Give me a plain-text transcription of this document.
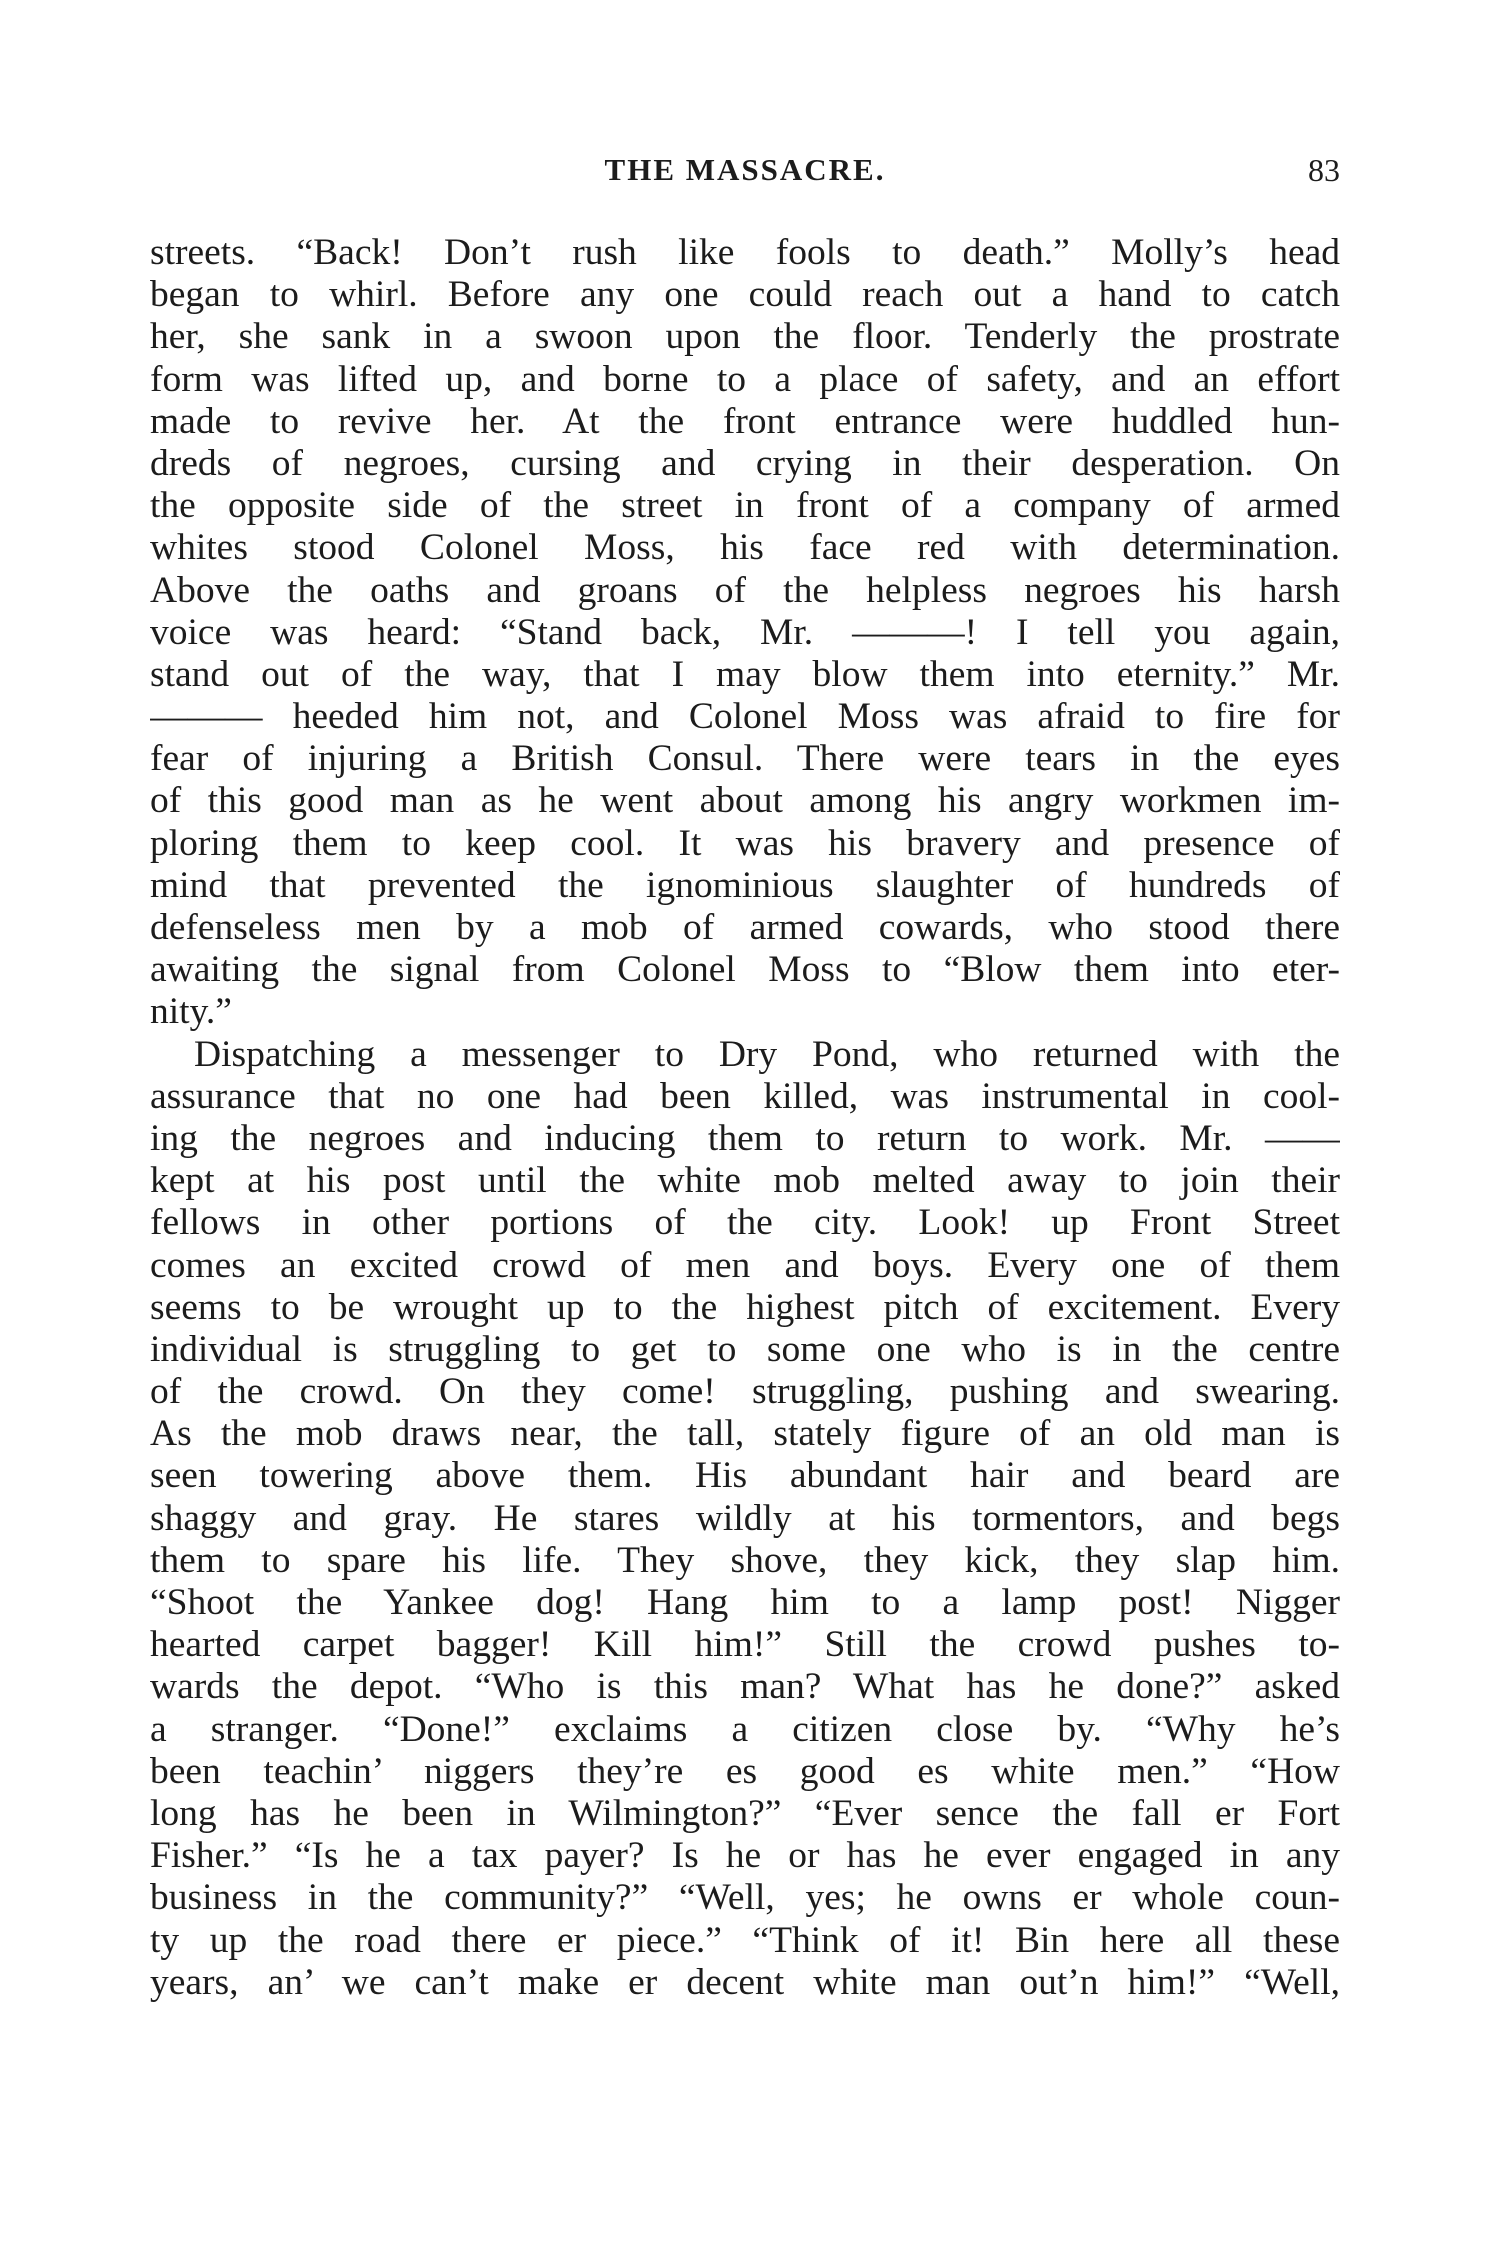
THE MASSACRE.	83
streets. “Back! Don’t rush like fools to death.” Molly’s head
began to whirl. Before any one could reach out a hand to catch
her, she sank in a swoon upon the floor. Tenderly the prostrate
form was lifted up, and borne to a place of safety, and an effort
made to revive her. At the front entrance were huddled hun-
dreds of negroes, cursing and crying in their desperation. On
the opposite side of the street in front of a company of armed
whites stood Colonel Moss, his face red with determination.
Above the oaths and groans of the helpless negroes his harsh
voice was heard: “Stand back, Mr. ———! I tell you again,
stand out of the way, that I may blow them into eternity.” Mr.
——— heeded him not, and Colonel Moss was afraid to fire for
fear of injuring a British Consul. There were tears in the eyes
of this good man as he went about among his angry workmen im-
ploring them to keep cool. It was his bravery and presence of
mind that prevented the ignominious slaughter of hundreds of
defenseless men by a mob of armed cowards, who stood there
awaiting the signal from Colonel Moss to “Blow them into eter-
nity.”
Dispatching a messenger to Dry Pond, who returned with the
assurance that no one had been killed, was instrumental in cool-
ing the negroes and inducing them to return to work. Mr. ——
kept at his post until the white mob melted away to join their
fellows in other portions of the city. Look! up Front Street
comes an excited crowd of men and boys. Every one of them
seems to be wrought up to the highest pitch of excitement. Every
individual is struggling to get to some one who is in the centre
of the crowd. On they come! struggling, pushing and swearing.
As the mob draws near, the tall, stately figure of an old man is
seen towering above them. His abundant hair and beard are
shaggy and gray. He stares wildly at his tormentors, and begs
them to spare his life. They shove, they kick, they slap him.
“Shoot the Yankee dog! Hang him to a lamp post! Nigger
hearted carpet bagger! Kill him!” Still the crowd pushes to-
wards the depot. “Who is this man? What has he done?” asked
a stranger. “Done!” exclaims a citizen close by. “Why he’s
been teachin’ niggers they’re es good es white men.” “How
long has he been in Wilmington?” “Ever sence the fall er Fort
Fisher.” “Is he a tax payer? Is he or has he ever engaged in any
business in the community?” “Well, yes; he owns er whole coun-
ty up the road there er piece.” “Think of it! Bin here all these
years, an’ we can’t make er decent white man out’n him!” “Well,
